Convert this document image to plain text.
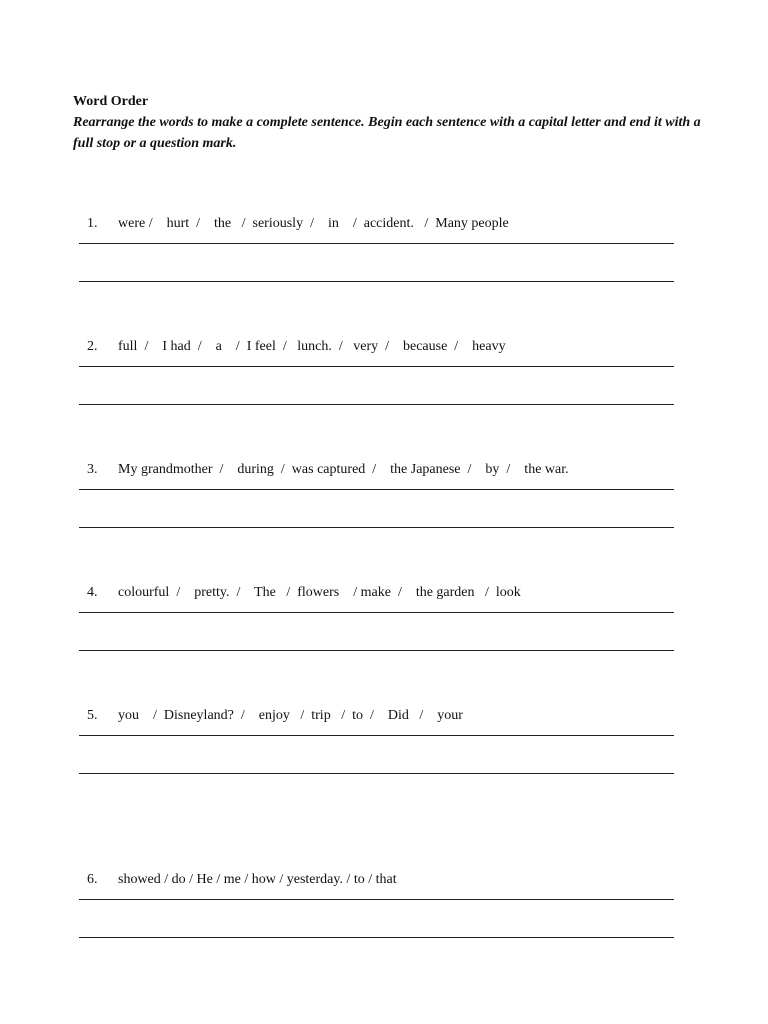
Word Order
Rearrange the words to make a complete sentence. Begin each sentence with a capital letter and end it with a full stop or a question mark.
1. were /    hurt  /    the   /  seriously  /    in    /  accident.   /  Many people
2. full  /    I had  /    a    /  I feel  /   lunch.  /   very  /    because  /    heavy
3. My grandmother  /    during  /  was captured  /    the Japanese  /    by  /    the war.
4. colourful  /    pretty.  /    The   /  flowers    / make  /    the garden   /  look
5. you    /  Disneyland?  /    enjoy   /  trip   /  to  /    Did   /    your
6. showed / do / He / me / how / yesterday. / to / that
